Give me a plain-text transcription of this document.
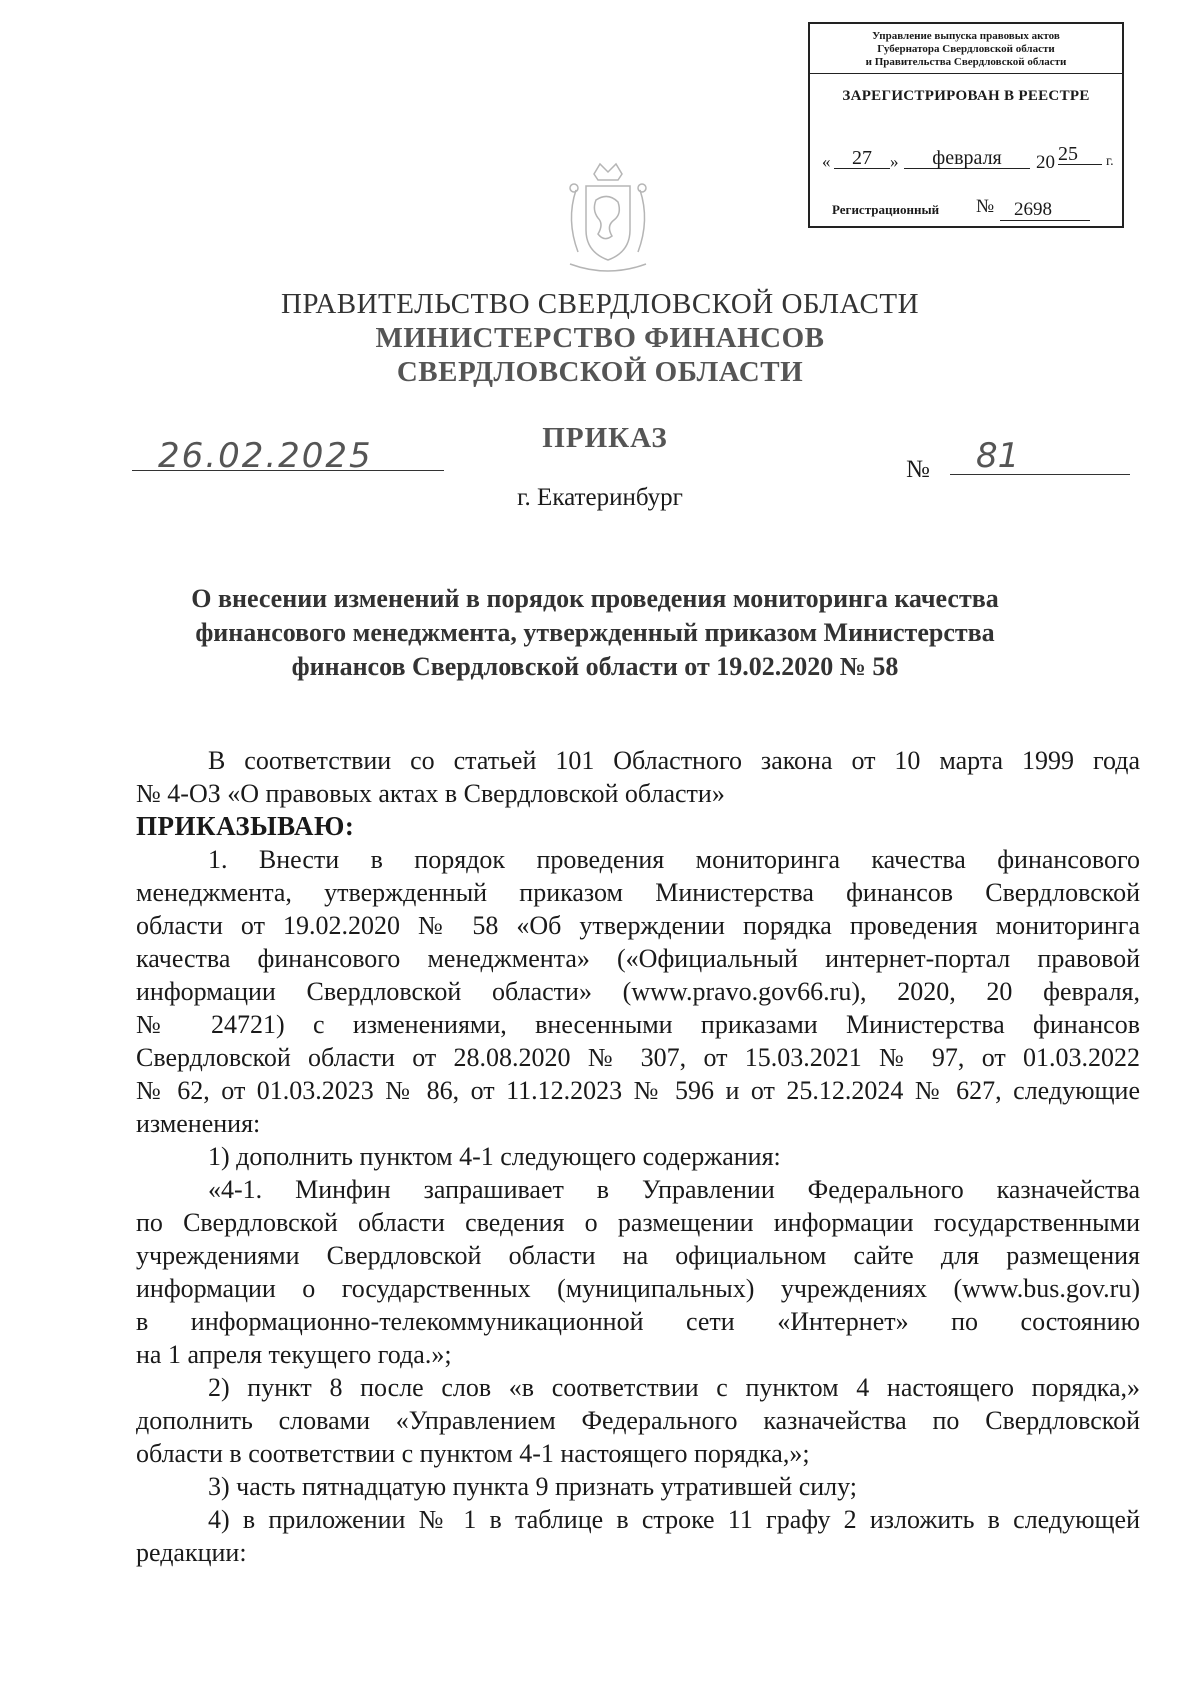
Управление выпуска правовых актов
Губернатора Свердловской области
и Правительства Свердловской области
ЗАРЕГИСТРИРОВАН В РЕЕСТРЕ
«	27	»	февраля	20 25	г.
Регистрационный №	2698
ПРАВИТЕЛЬСТВО СВЕРДЛОВСКОЙ ОБЛАСТИ
МИНИСТЕРСТВО ФИНАНСОВ
СВЕРДЛОВСКОЙ ОБЛАСТИ
ПРИКАЗ
26.02.2025	№ 81
г. Екатеринбург
О внесении изменений в порядок проведения мониторинга качества
финансового менеджмента, утвержденный приказом Министерства
финансов Свердловской области от 19.02.2020 № 58
В соответствии со статьей 101 Областного закона от 10 марта 1999 года
№ 4-ОЗ «О правовых актах в Свердловской области»
ПРИКАЗЫВАЮ:
1. Внести в порядок проведения мониторинга качества финансового
менеджмента, утвержденный приказом Министерства финансов Свердловской
области от 19.02.2020 № 58 «Об утверждении порядка проведения мониторинга
качества финансового менеджмента» («Официальный интернет-портал правовой
информации Свердловской области» (www.pravo.gov66.ru), 2020, 20 февраля,
№ 24721) с изменениями, внесенными приказами Министерства финансов
Свердловской области от 28.08.2020 № 307, от 15.03.2021 № 97, от 01.03.2022
№ 62, от 01.03.2023 № 86, от 11.12.2023 № 596 и от 25.12.2024 № 627, следующие
изменения:
1) дополнить пунктом 4-1 следующего содержания:
«4-1. Минфин запрашивает в Управлении Федерального казначейства
по Свердловской области сведения о размещении информации государственными
учреждениями Свердловской области на официальном сайте для размещения
информации о государственных (муниципальных) учреждениях (www.bus.gov.ru)
в информационно-телекоммуникационной сети «Интернет» по состоянию
на 1 апреля текущего года.»;
2) пункт 8 после слов «в соответствии с пунктом 4 настоящего порядка,»
дополнить словами «Управлением Федерального казначейства по Свердловской
области в соответствии с пунктом 4-1 настоящего порядка,»;
3) часть пятнадцатую пункта 9 признать утратившей силу;
4) в приложении № 1 в таблице в строке 11 графу 2 изложить в следующей
редакции:
